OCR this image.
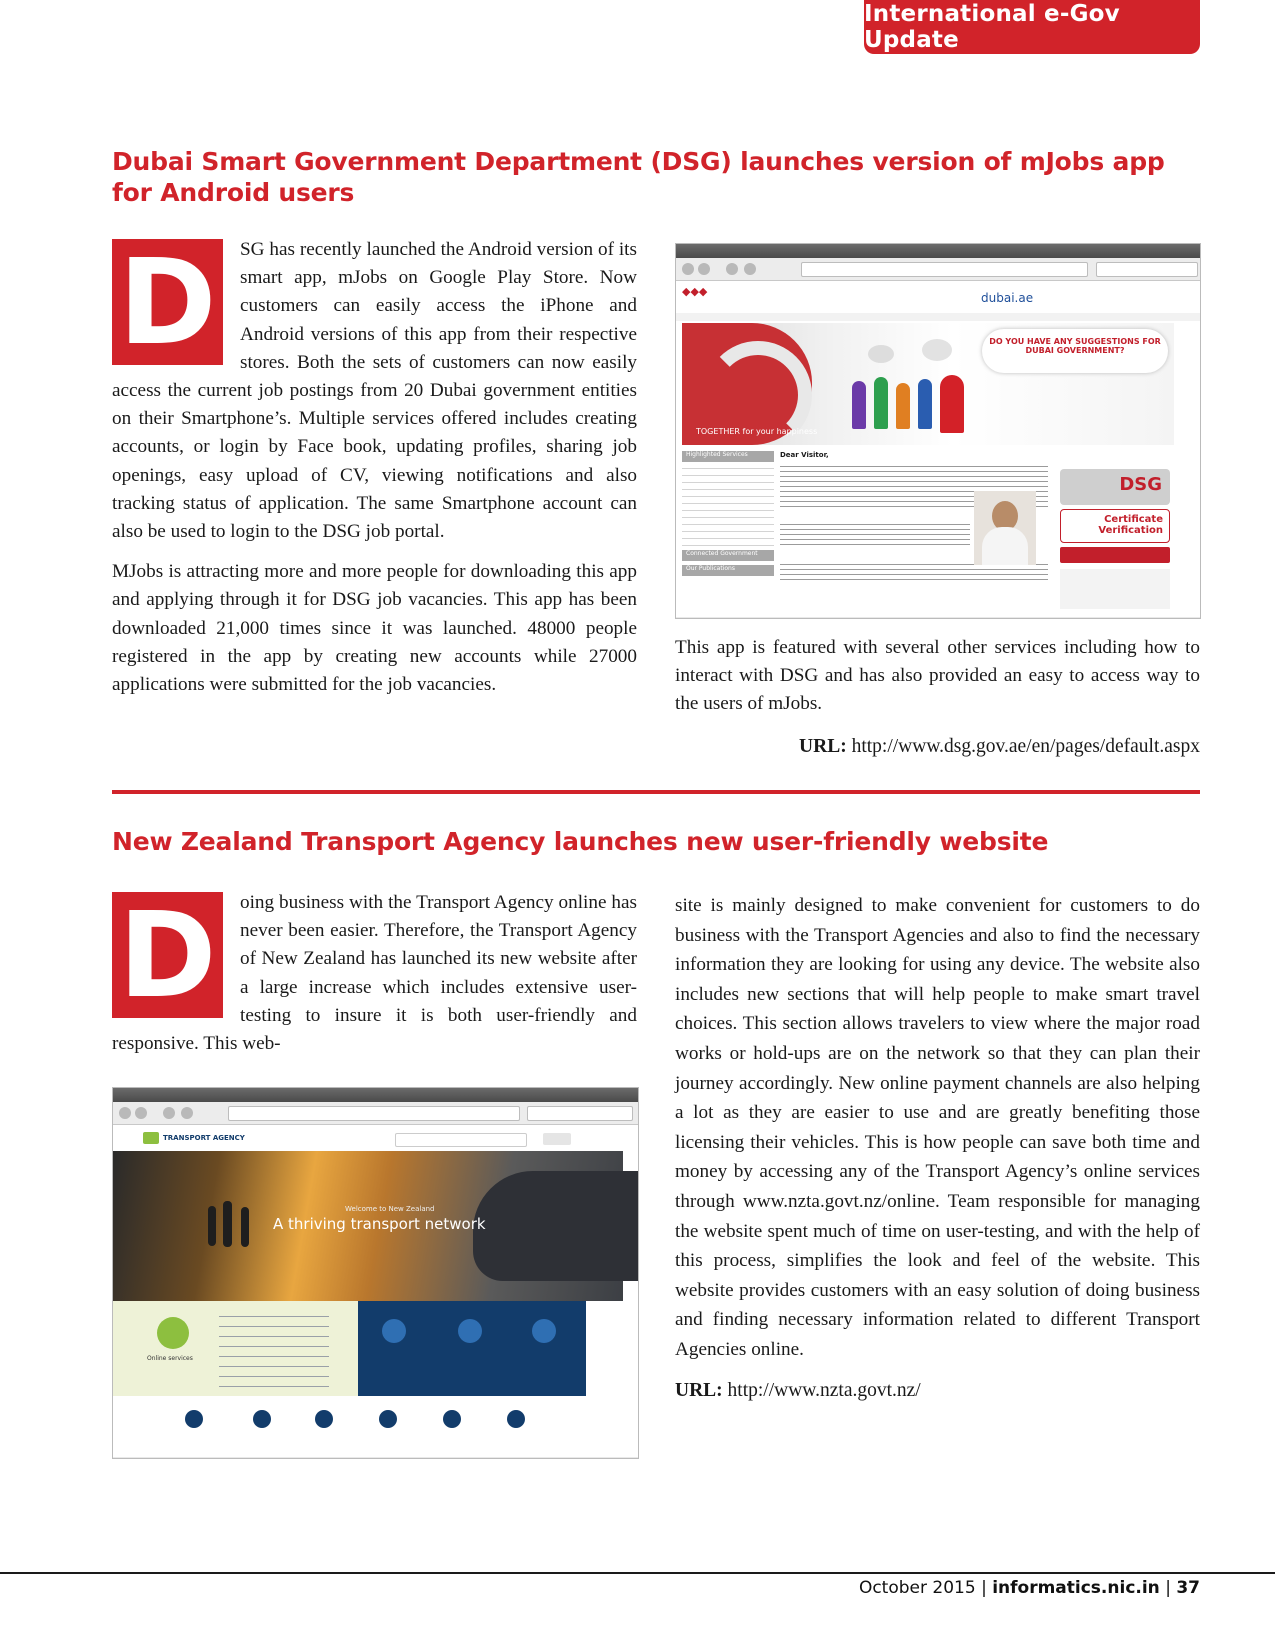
International e-Gov Update
Dubai Smart Government Department (DSG) launches version of mJobs app for Android users

D	SG has recently launched the Android version of its smart app, mJobs on Google Play Store. Now customers can easily access the iPhone and Android versions of this app from their respective stores. Both the sets of customers can now easily access the current job postings from 20 Dubai government entities on their Smartphone’s. Multiple services offered includes creating accounts, or login by Face book, updating profiles, sharing job openings, easy upload of CV, viewing notifications and also tracking status of application. The same Smartphone account can also be used to login to the DSG job portal.

MJobs is attracting more and more people for downloading this app and applying through it for DSG job vacancies. This app has been downloaded 21,000 times since it was launched. 48000 people registered in the app by creating new accounts while 27000 applications were submitted for the job vacancies.

◆◆◆	dubai.ae
TOGETHER for your happiness
DO YOU HAVE ANY SUGGESTIONS FOR DUBAI GOVERNMENT?
Highlighted Services
Connected Government
Our Publications
Dear Visitor,
DSG
Certificate Verification

This app is featured with several other services including how to interact with DSG and has also provided an easy to access way to the users of mJobs.

URL: http://www.dsg.gov.ae/en/pages/default.aspx

New Zealand Transport Agency launches new user-friendly website

D	oing business with the Transport Agency online has never been easier. Therefore, the Transport Agency of New Zealand has launched its new website after a large increase which includes extensive user-testing to insure it is both user-friendly and responsive. This web-

TRANSPORT AGENCY
Welcome to New Zealand
A thriving transport network
Online services

site is mainly designed to make convenient for customers to do business with the Transport Agencies and also to find the necessary information they are looking for using any device. The website also includes new sections that will help people to make smart travel choices. This section allows travelers to view where the major road works or hold-ups are on the network so that they can plan their journey accordingly. New online payment channels are also helping a lot as they are easier to use and are greatly benefiting those licensing their vehicles. This is how people can save both time and money by accessing any of the Transport Agency’s online services through www.nzta.govt.nz/online. Team responsible for managing the website spent much of time on user-testing, and with the help of this process, simplifies the look and feel of the website. This website provides customers with an easy solution of doing business and finding necessary information related to different Transport Agencies online.

URL: http://www.nzta.govt.nz/

October 2015 | informatics.nic.in | 37
